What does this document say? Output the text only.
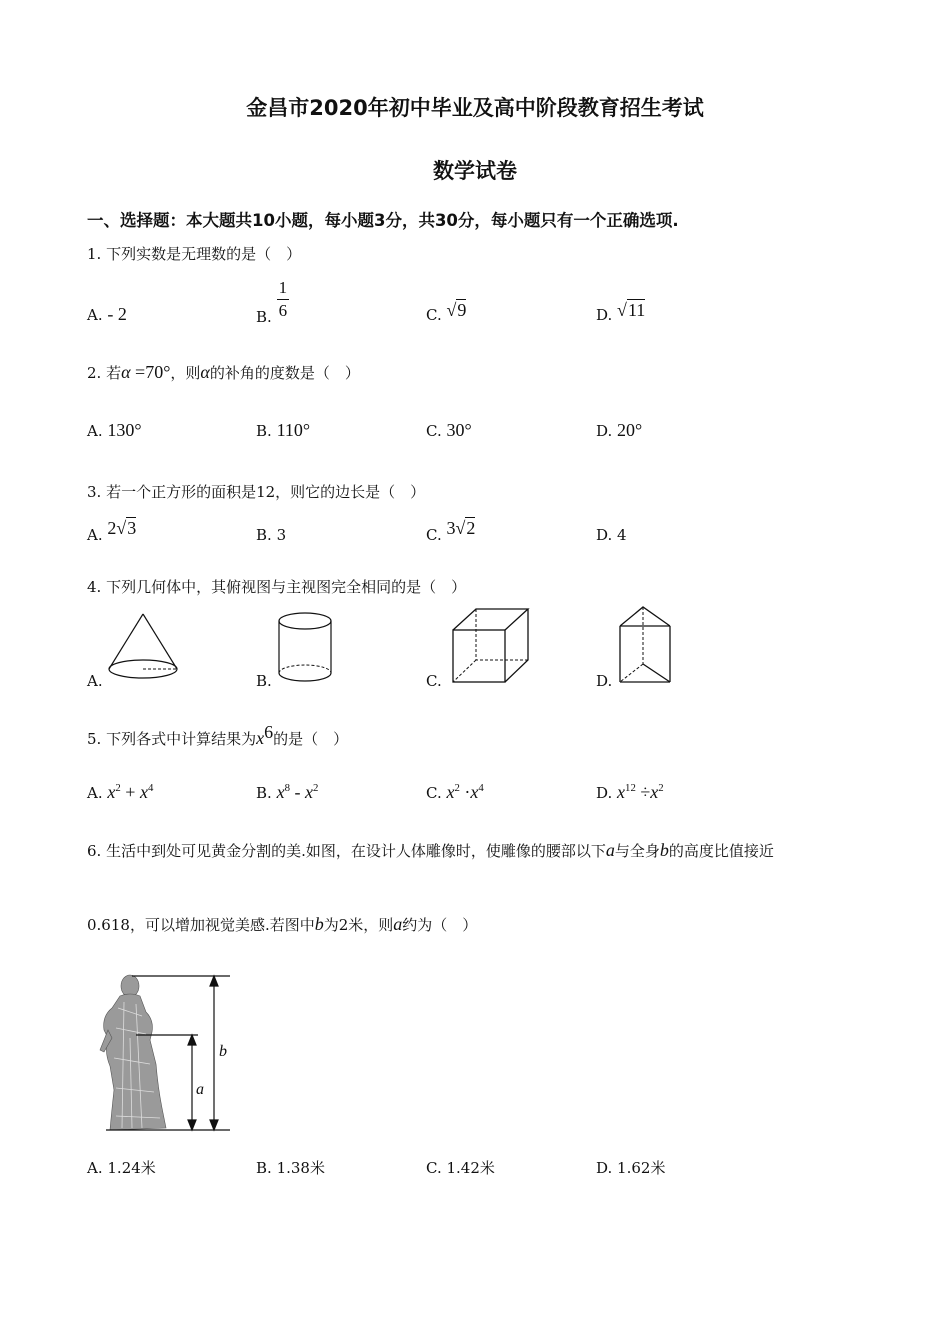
金昌市2020年初中毕业及高中阶段教育招生考试
数学试卷
一、选择题：本大题共10小题，每小题3分，共30分，每小题只有一个正确选项.
1. 下列实数是无理数的是（　）
A. - 2	B. $\frac{1}{6}$	C. √9	D. √11
2. 若α =70°，则α的补角的度数是（　）
A. 130°	B. 110°	C. 30°	D. 20°
3. 若一个正方形的面积是12，则它的边长是（　）
A. 2√3	B. 3	C. 3√2	D. 4
4. 下列几何体中，其俯视图与主视图完全相同的是（　）
A.	B.	C.	D.
5. 下列各式中计算结果为$x^6$的是（　）
A. $x^2 + x^4$	B. $x^8 - x^2$	C. $x^2 \cdot x^4$	D. $x^{12} \div x^2$
6. 生活中到处可见黄金分割的美.如图，在设计人体雕像时，使雕像的腰部以下a与全身b的高度比值接近
0.618，可以增加视觉美感.若图中b为2米，则a约为（　）
b
a
A. 1.24米	B. 1.38米	C. 1.42米	D. 1.62米
